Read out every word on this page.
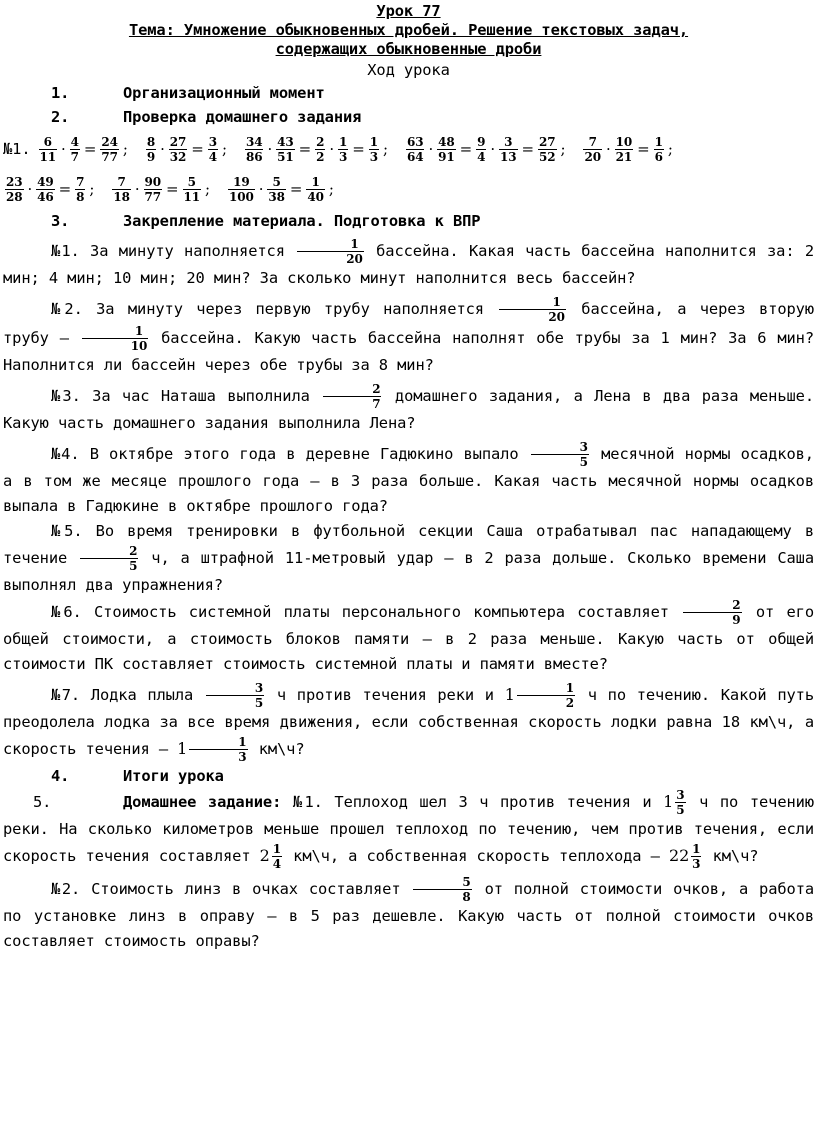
Урок 77
Тема: Умножение обыкновенных дробей. Решение текстовых задач,
содержащих обыкновенные дроби
Ход урока
1.	Организационный момент
2.	Проверка домашнего задания
№1. $\frac{6}{11} \cdot \frac{4}{7} = \frac{24}{77}$ ; $\frac{8}{9} \cdot \frac{27}{32} = \frac{3}{4}$ ; $\frac{34}{86} \cdot \frac{43}{51} = \frac{2}{2} \cdot \frac{1}{3} = \frac{1}{3}$ ; $\frac{63}{64} \cdot \frac{48}{91} = \frac{9}{4} \cdot \frac{3}{13} = \frac{27}{52}$ ; $\frac{7}{20} \cdot \frac{10}{21} = \frac{1}{6}$ ;
$\frac{23}{28} \cdot \frac{49}{46} = \frac{7}{8}$ ; $\frac{7}{18} \cdot \frac{90}{77} = \frac{5}{11}$ ; $\frac{19}{100} \cdot \frac{5}{38} = \frac{1}{40}$ ;
3.	Закрепление материала. Подготовка к ВПР

№1. За минуту наполняется $\frac{1}{20}$ бассейна. Какая часть бассейна наполнится за: 2 мин; 4 мин; 10 мин; 20 мин? За сколько минут наполнится весь бассейн?

№2. За минуту через первую трубу наполняется $\frac{1}{20}$ бассейна, а через вторую трубу – $\frac{1}{10}$ бассейна. Какую часть бассейна наполнят обе трубы за 1 мин? За 6 мин? Наполнится ли бассейн через обе трубы за 8 мин?

№3. За час Наташа выполнила $\frac{2}{7}$ домашнего задания, а Лена в два раза меньше. Какую часть домашнего задания выполнила Лена?

№4. В октябре этого года в деревне Гадюкино выпало $\frac{3}{5}$ месячной нормы осадков, а в том же месяце прошлого года – в 3 раза больше. Какая часть месячной нормы осадков выпала в Гадюкине в октябре прошлого года?

№5. Во время тренировки в футбольной секции Саша отрабатывал пас нападающему в течение $\frac{2}{5} ч$, а штрафной 11-метровый удар – в 2 раза дольше. Сколько времени Саша выполнял два упражнения?

№6. Стоимость системной платы персонального компьютера составляет $\frac{2}{9}$ от его общей стоимости, а стоимость блоков памяти – в 2 раза меньше. Какую часть от общей стоимости ПК составляет стоимость системной платы и памяти вместе?

№7. Лодка плыла $\frac{3}{5}$ ч против течения реки и $1 \frac{1}{2}$ ч по течению. Какой путь преодолела лодка за все время движения, если собственная скорость лодки равна 18 км\ч, а скорость течения – $1 \frac{1}{3}$ км\ч?

4.	Итоги урока

5.	Домашнее задание: №1. Теплоход шел 3 ч против течения и $1 \frac{3}{5}$ ч по течению реки. На сколько километров меньше прошел теплоход по течению, чем против течения, если скорость течения составляет $2 \frac{1}{4}$ км\ч, а собственная скорость теплохода – $22 \frac{1}{3}$ км\ч?

№2. Стоимость линз в очках составляет $\frac{5}{8}$ от полной стоимости очков, а работа по установке линз в оправу – в 5 раз дешевле. Какую часть от полной стоимости очков составляет стоимость оправы?
